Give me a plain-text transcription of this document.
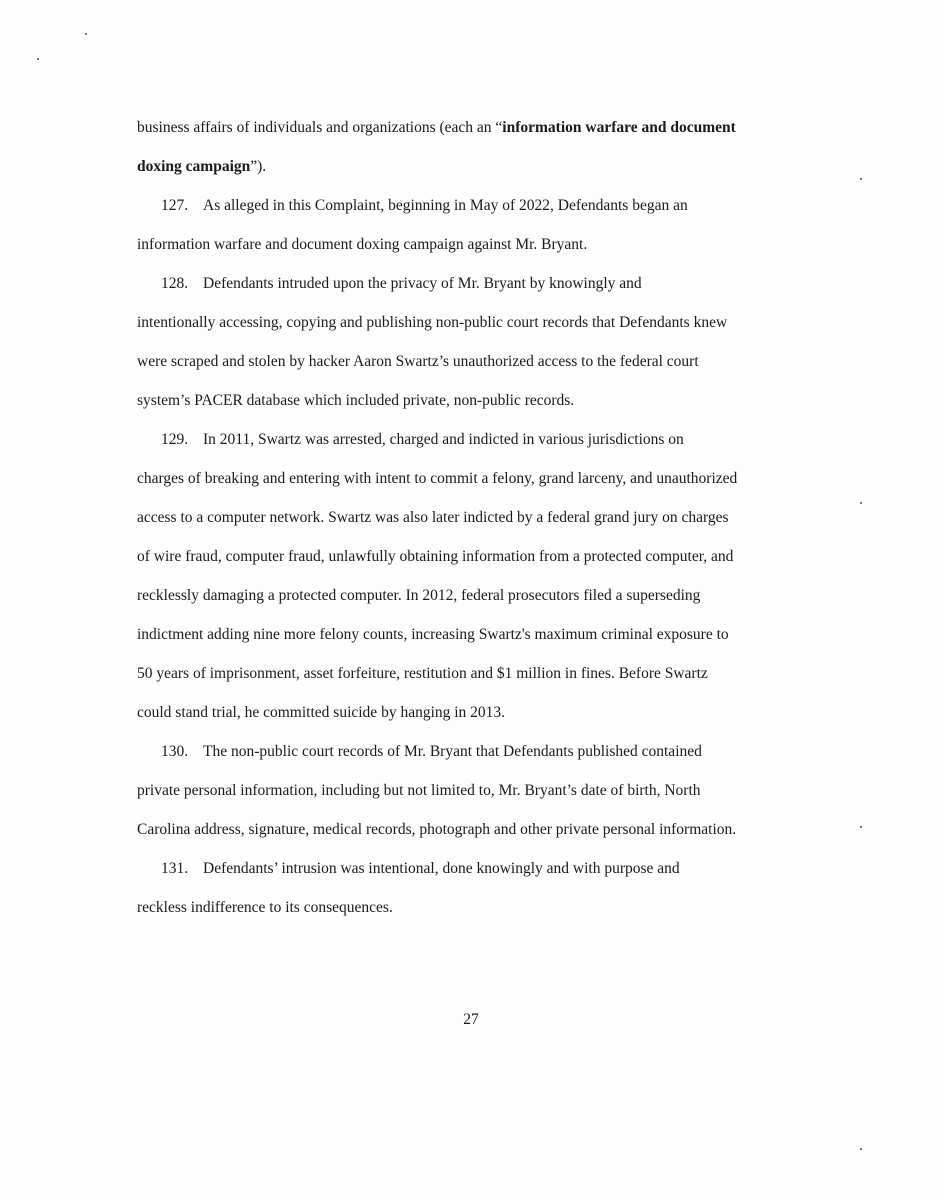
business affairs of individuals and organizations (each an “information warfare and document
doxing campaign”).
127. As alleged in this Complaint, beginning in May of 2022, Defendants began an
information warfare and document doxing campaign against Mr. Bryant.
128. Defendants intruded upon the privacy of Mr. Bryant by knowingly and
intentionally accessing, copying and publishing non-public court records that Defendants knew
were scraped and stolen by hacker Aaron Swartz’s unauthorized access to the federal court
system’s PACER database which included private, non-public records.
129. In 2011, Swartz was arrested, charged and indicted in various jurisdictions on
charges of breaking and entering with intent to commit a felony, grand larceny, and unauthorized
access to a computer network. Swartz was also later indicted by a federal grand jury on charges
of wire fraud, computer fraud, unlawfully obtaining information from a protected computer, and
recklessly damaging a protected computer. In 2012, federal prosecutors filed a superseding
indictment adding nine more felony counts, increasing Swartz's maximum criminal exposure to
50 years of imprisonment, asset forfeiture, restitution and $1 million in fines. Before Swartz
could stand trial, he committed suicide by hanging in 2013.
130. The non-public court records of Mr. Bryant that Defendants published contained
private personal information, including but not limited to, Mr. Bryant’s date of birth, North
Carolina address, signature, medical records, photograph and other private personal information.
131. Defendants’ intrusion was intentional, done knowingly and with purpose and
reckless indifference to its consequences.
27
